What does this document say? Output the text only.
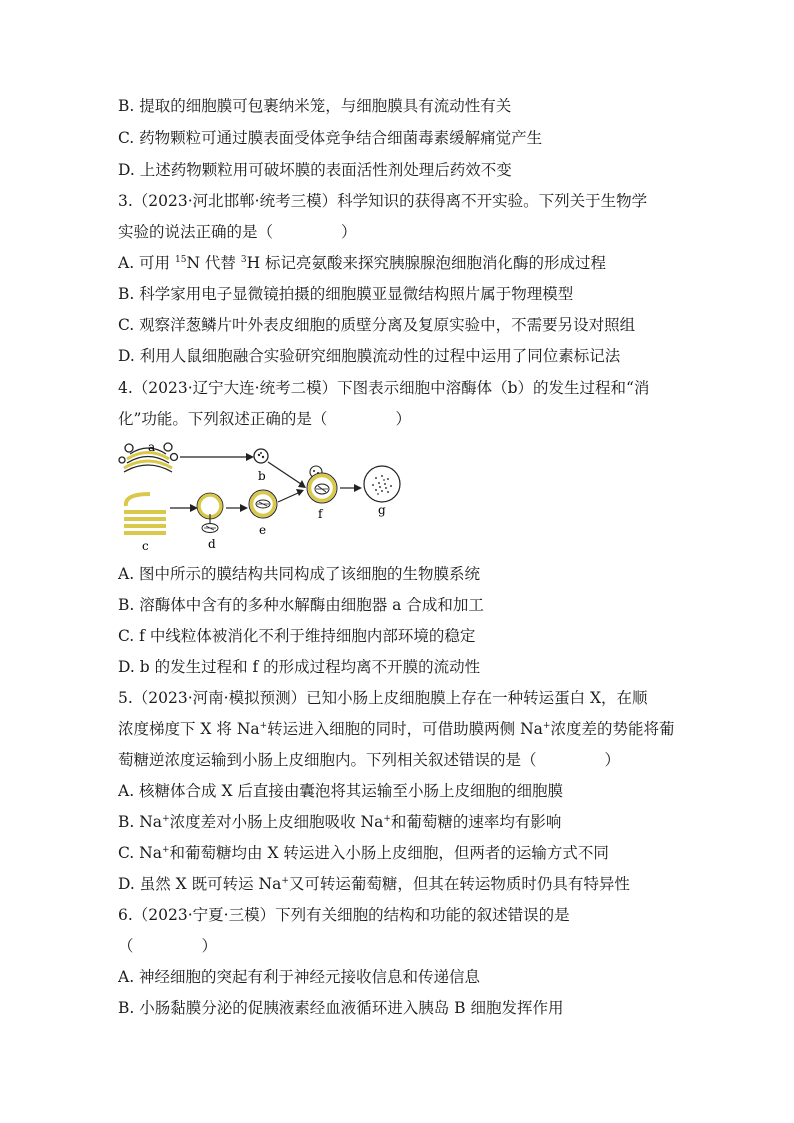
B. 提取的细胞膜可包裹纳米笼，与细胞膜具有流动性有关
C. 药物颗粒可通过膜表面受体竞争结合细菌毒素缓解痛觉产生
D. 上述药物颗粒用可破坏膜的表面活性剂处理后药效不变
3.（2023·河北邯郸·统考三模）科学知识的获得离不开实验。下列关于生物学
实验的说法正确的是（	）
A. 可用 $^{15}$N 代替 $^3$H 标记亮氨酸来探究胰腺腺泡细胞消化酶的形成过程
B. 科学家用电子显微镜拍摄的细胞膜亚显微结构照片属于物理模型
C. 观察洋葱鳞片叶外表皮细胞的质壁分离及复原实验中，不需要另设对照组
D. 利用人鼠细胞融合实验研究细胞膜流动性的过程中运用了同位素标记法
4.（2023·辽宁大连·统考二模）下图表示细胞中溶酶体（b）的发生过程和“消
化”功能。下列叙述正确的是（	）
a
b
c	d
e
f	g
A. 图中所示的膜结构共同构成了该细胞的生物膜系统
B. 溶酶体中含有的多种水解酶由细胞器 a 合成和加工
C. f 中线粒体被消化不利于维持细胞内部环境的稳定
D. b 的发生过程和 f 的形成过程均离不开膜的流动性
5.（2023·河南·模拟预测）已知小肠上皮细胞膜上存在一种转运蛋白 X，在顺
浓度梯度下 X 将 Na+转运进入细胞的同时，可借助膜两侧 Na+浓度差的势能将葡
萄糖逆浓度运输到小肠上皮细胞内。下列相关叙述错误的是（	）
A. 核糖体合成 X 后直接由囊泡将其运输至小肠上皮细胞的细胞膜
B. Na+浓度差对小肠上皮细胞吸收 Na+和葡萄糖的速率均有影响
C. Na+和葡萄糖均由 X 转运进入小肠上皮细胞，但两者的运输方式不同
D. 虽然 X 既可转运 Na+又可转运葡萄糖，但其在转运物质时仍具有特异性
6.（2023·宁夏·三模）下列有关细胞的结构和功能的叙述错误的是
（	）
A. 神经细胞的突起有利于神经元接收信息和传递信息
B. 小肠黏膜分泌的促胰液素经血液循环进入胰岛 B 细胞发挥作用
